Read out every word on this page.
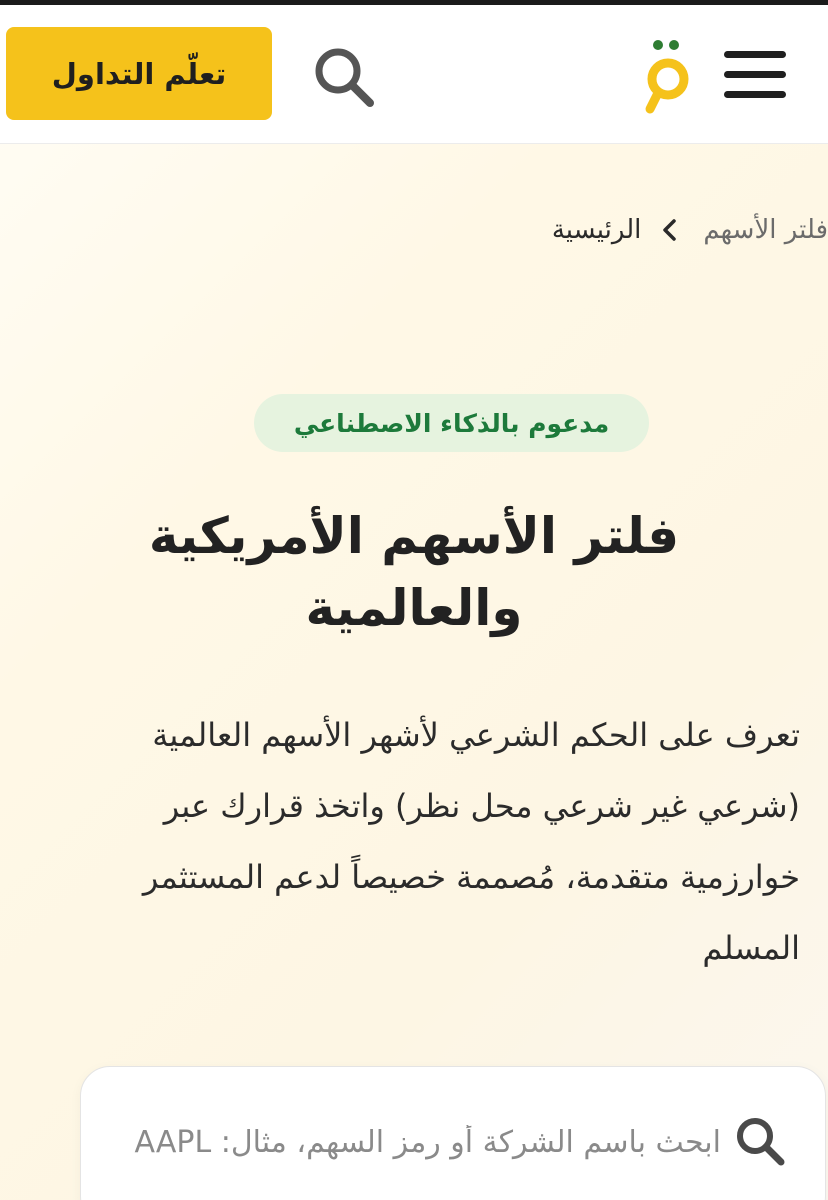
تعلّم التداول
الرئيسية فلتر الأسهم
مدعوم بالذكاء الاصطناعي
فلتر الأسهم الأمريكية والعالمية

تعرف على الحكم الشرعي لأشهر الأسهم العالمية (شرعي غير شرعي محل نظر) واتخذ قرارك عبر خوارزمية متقدمة، مُصممة خصيصاً لدعم المستثمر المسلم

ابحث باسم الشركة أو رمز السهم، مثال: AAPL
